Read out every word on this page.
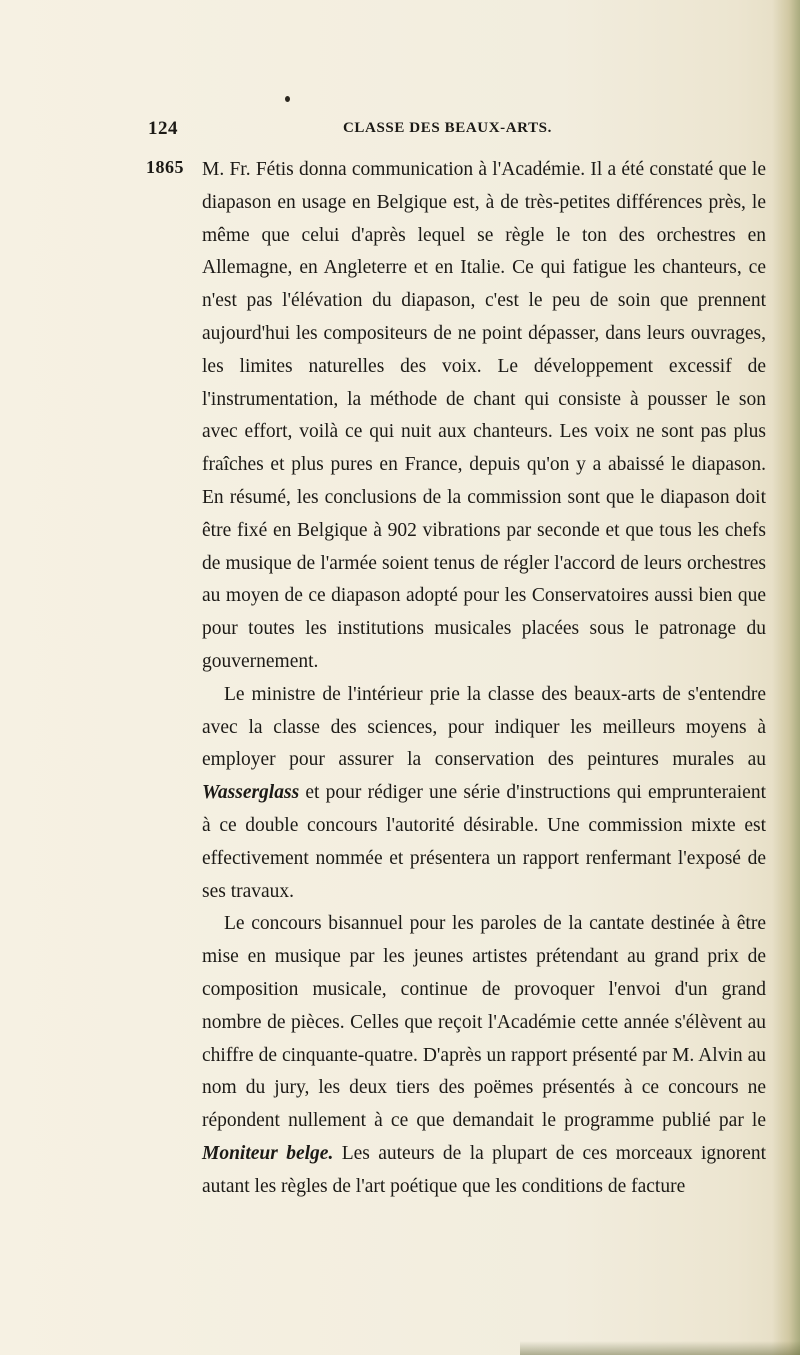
124	CLASSE DES BEAUX-ARTS.
1865 M. Fr. Fétis donna communication à l'Académie. Il a été constaté que le diapason en usage en Belgique est, à de très-petites différences près, le même que celui d'après lequel se règle le ton des orchestres en Allemagne, en Angleterre et en Italie. Ce qui fatigue les chanteurs, ce n'est pas l'élévation du diapason, c'est le peu de soin que prennent aujourd'hui les compositeurs de ne point dépasser, dans leurs ouvrages, les limites naturelles des voix. Le développement excessif de l'instrumentation, la méthode de chant qui consiste à pousser le son avec effort, voilà ce qui nuit aux chanteurs. Les voix ne sont pas plus fraîches et plus pures en France, depuis qu'on y a abaissé le diapason. En résumé, les conclusions de la commission sont que le diapason doit être fixé en Belgique à 902 vibrations par seconde et que tous les chefs de musique de l'armée soient tenus de régler l'accord de leurs orchestres au moyen de ce diapason adopté pour les Conservatoires aussi bien que pour toutes les institutions musicales placées sous le patronage du gouvernement.

Le ministre de l'intérieur prie la classe des beaux-arts de s'entendre avec la classe des sciences, pour indiquer les meilleurs moyens à employer pour assurer la conservation des peintures murales au Wasserglass et pour rédiger une série d'instructions qui emprunteraient à ce double concours l'autorité désirable. Une commission mixte est effectivement nommée et présentera un rapport renfermant l'exposé de ses travaux.

Le concours bisannuel pour les paroles de la cantate destinée à être mise en musique par les jeunes artistes prétendant au grand prix de composition musicale, continue de provoquer l'envoi d'un grand nombre de pièces. Celles que reçoit l'Académie cette année s'élèvent au chiffre de cinquante-quatre. D'après un rapport présenté par M. Alvin au nom du jury, les deux tiers des poëmes présentés à ce concours ne répondent nullement à ce que demandait le programme publié par le Moniteur belge. Les auteurs de la plupart de ces morceaux ignorent autant les règles de l'art poétique que les conditions de facture
